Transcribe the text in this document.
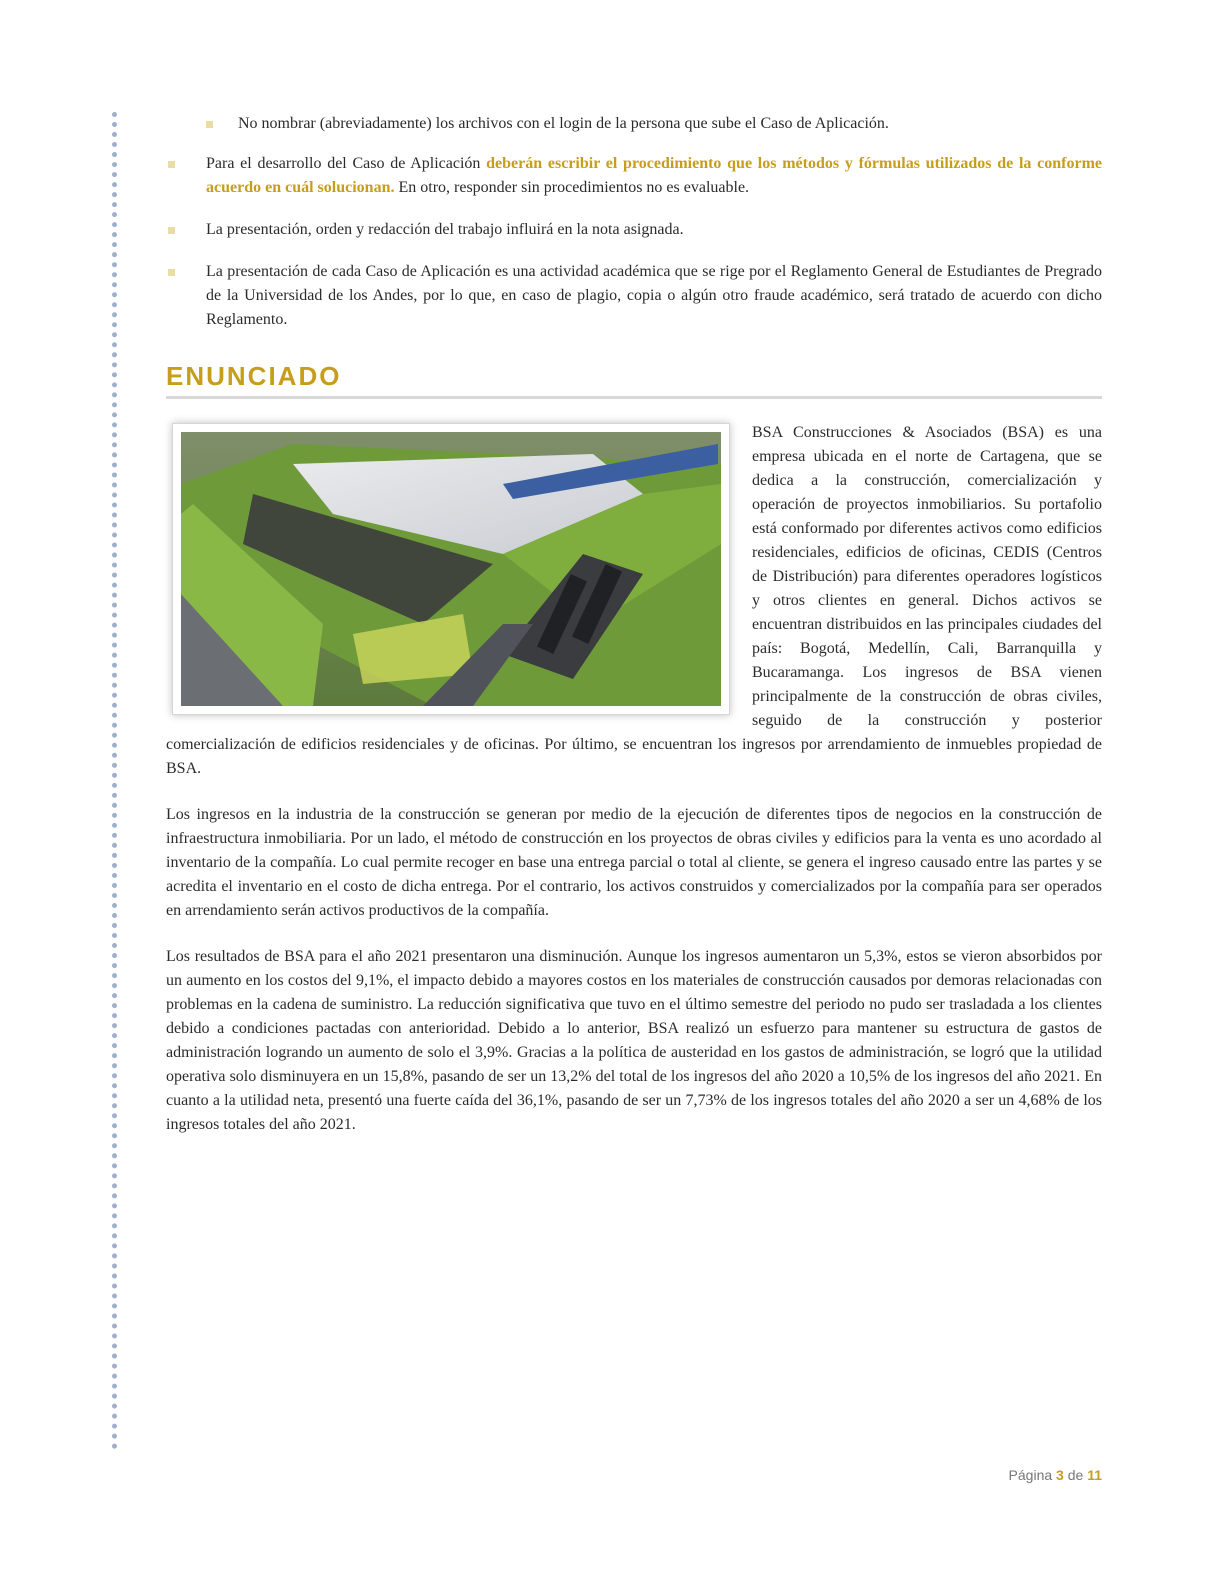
No nombrar (abreviadamente) los archivos con el login de la persona que sube el Caso de Aplicación.
Para el desarrollo del Caso de Aplicación deberán escribir el procedimiento que los métodos y fórmulas utilizados de la conforme acuerdo en cuál solucionan. En otro, responder sin procedimientos no es evaluable.
La presentación, orden y redacción del trabajo influirá en la nota asignada.
La presentación de cada Caso de Aplicación es una actividad académica que se rige por el Reglamento General de Estudiantes de Pregrado de la Universidad de los Andes, por lo que, en caso de plagio, copia o algún otro fraude académico, será tratado de acuerdo con dicho Reglamento.
ENUNCIADO

BSA Construcciones & Asociados (BSA) es una empresa ubicada en el norte de Cartagena, que se dedica a la construcción, comercialización y operación de proyectos inmobiliarios. Su portafolio está conformado por diferentes activos como edificios residenciales, edificios de oficinas, CEDIS (Centros de Distribución) para diferentes operadores logísticos y otros clientes en general. Dichos activos se encuentran distribuidos en las principales ciudades del país: Bogotá, Medellín, Cali, Barranquilla y Bucaramanga. Los ingresos de BSA vienen principalmente de la construcción de obras civiles, seguido de la construcción y posterior comercialización de edificios residenciales y de oficinas. Por último, se encuentran los ingresos por arrendamiento de inmuebles propiedad de BSA.

Los ingresos en la industria de la construcción se generan por medio de la ejecución de diferentes tipos de negocios en la construcción de infraestructura inmobiliaria. Por un lado, el método de construcción en los proyectos de obras civiles y edificios para la venta es uno acordado al inventario de la compañía. Lo cual permite recoger en base una entrega parcial o total al cliente, se genera el ingreso causado entre las partes y se acredita el inventario en el costo de dicha entrega. Por el contrario, los activos construidos y comercializados por la compañía para ser operados en arrendamiento serán activos productivos de la compañía.

Los resultados de BSA para el año 2021 presentaron una disminución. Aunque los ingresos aumentaron un 5,3%, estos se vieron absorbidos por un aumento en los costos del 9,1%, el impacto debido a mayores costos en los materiales de construcción causados por demoras relacionadas con problemas en la cadena de suministro. La reducción significativa que tuvo en el último semestre del periodo no pudo ser trasladada a los clientes debido a condiciones pactadas con anterioridad. Debido a lo anterior, BSA realizó un esfuerzo para mantener su estructura de gastos de administración logrando un aumento de solo el 3,9%. Gracias a la política de austeridad en los gastos de administración, se logró que la utilidad operativa solo disminuyera en un 15,8%, pasando de ser un 13,2% del total de los ingresos del año 2020 a 10,5% de los ingresos del año 2021. En cuanto a la utilidad neta, presentó una fuerte caída del 36,1%, pasando de ser un 7,73% de los ingresos totales del año 2020 a ser un 4,68% de los ingresos totales del año 2021.

Página 3 de 11
